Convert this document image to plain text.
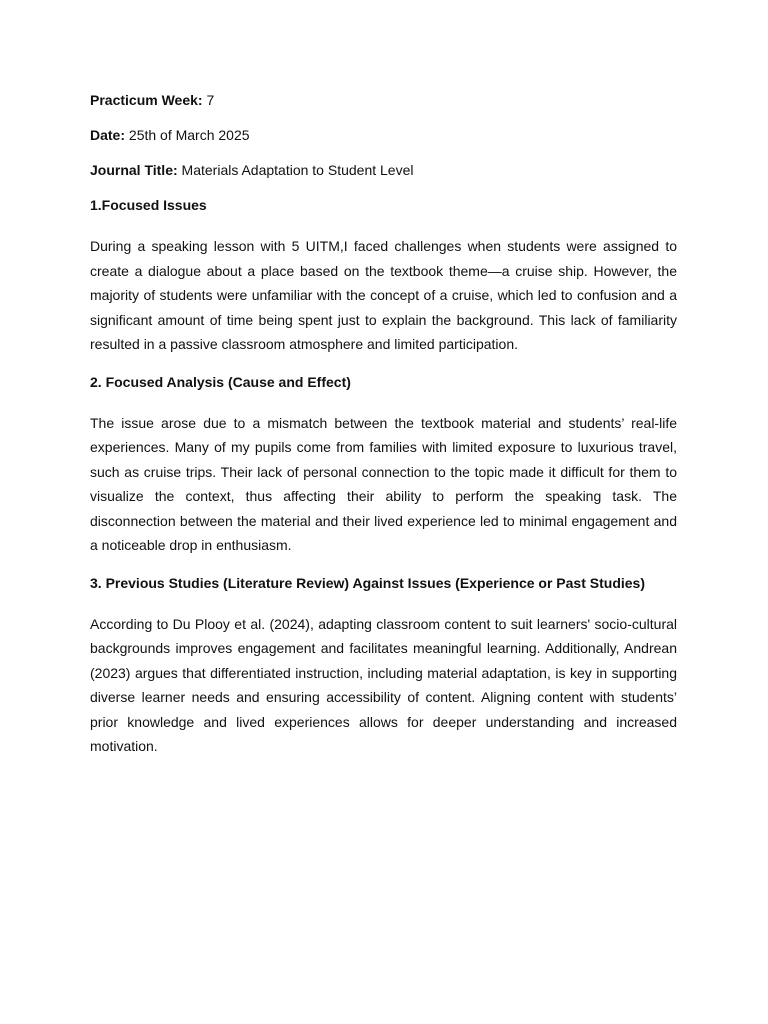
Practicum Week: 7

Date: 25th of March 2025

Journal Title: Materials Adaptation to Student Level

1.Focused Issues

During a speaking lesson with 5 UITM,I faced challenges when students were assigned to create a dialogue about a place based on the textbook theme—a cruise ship. However, the majority of students were unfamiliar with the concept of a cruise, which led to confusion and a significant amount of time being spent just to explain the background. This lack of familiarity resulted in a passive classroom atmosphere and limited participation.

2. Focused Analysis (Cause and Effect)

The issue arose due to a mismatch between the textbook material and students’ real-life experiences. Many of my pupils come from families with limited exposure to luxurious travel, such as cruise trips. Their lack of personal connection to the topic made it difficult for them to visualize the context, thus affecting their ability to perform the speaking task. The disconnection between the material and their lived experience led to minimal engagement and a noticeable drop in enthusiasm.

3. Previous Studies (Literature Review) Against Issues (Experience or Past Studies)

According to Du Plooy et al. (2024), adapting classroom content to suit learners' socio-cultural backgrounds improves engagement and facilitates meaningful learning. Additionally, Andrean (2023) argues that differentiated instruction, including material adaptation, is key in supporting diverse learner needs and ensuring accessibility of content. Aligning content with students’ prior knowledge and lived experiences allows for deeper understanding and increased motivation.
